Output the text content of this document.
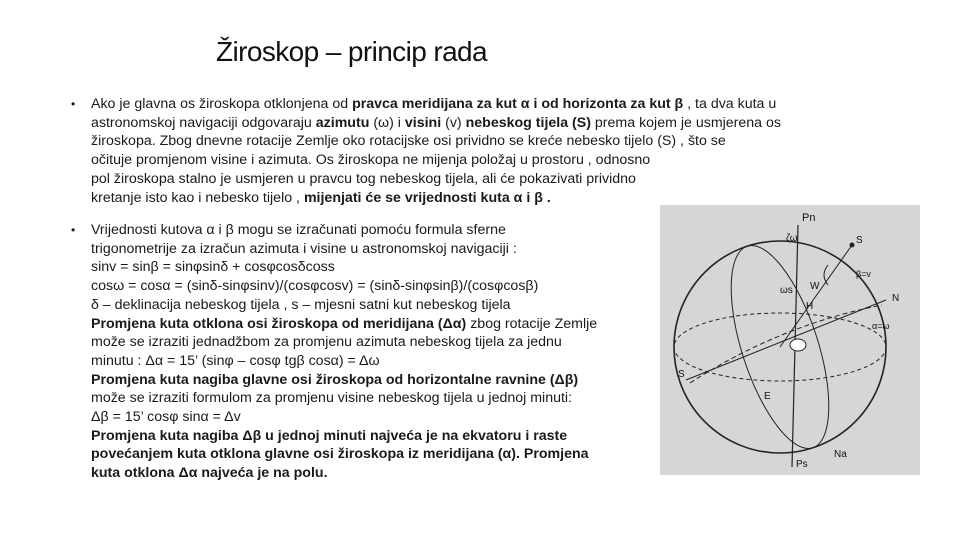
Žiroskop – princip rada
• Ako je glavna os žiroskopa otklonjena od pravca meridijana za kut α i od horizonta za kut β , ta dva kuta u
astronomskoj navigaciji odgovaraju azimutu (ω) i visini (v) nebeskog tijela (S) prema kojem je usmjerena os
žiroskopa. Zbog dnevne rotacije Zemlje oko rotacijske osi prividno se kreće nebesko tijelo (S) , što se
očituje promjenom visine i azimuta. Os žiroskopa ne mijenja položaj u prostoru , odnosno
pol žiroskopa stalno je usmjeren u pravcu tog nebeskog tijela, ali će pokazivati prividno
kretanje isto kao i nebesko tijelo , mijenjati će se vrijednosti kuta α i β .
• Vrijednosti kutova α i β mogu se izračunati pomoću formula sferne
trigonometrije za izračun azimuta i visine u astronomskoj navigaciji :
sinv = sinβ = sinφsinδ + cosφcosδcoss
cosω = cosα = (sinδ-sinφsinv)/(cosφcosv) = (sinδ-sinφsinβ)/(cosφcosβ)
δ – deklinacija nebeskog tijela , s – mjesni satni kut nebeskog tijela
Promjena kuta otklona osi žiroskopa od meridijana (Δα) zbog rotacije Zemlje
može se izraziti jednadžbom za promjenu azimuta nebeskog tijela za jednu
minutu : Δα = 15’ (sinφ – cosφ tgβ cosα) = Δω
Promjena kuta nagiba glavne osi žiroskopa od horizontalne ravnine (Δβ)
može se izraziti formulom za promjenu visine nebeskog tijela u jednoj minuti:
Δβ = 15’ cosφ sinα = Δv
Promjena kuta nagiba Δβ u jednoj minuti najveća je na ekvatoru i raste
povećanjem kuta otklona glavne osi žiroskopa iz meridijana (α). Promjena
kuta otklona Δα najveća je na polu.
Pn
ζω	S
β=v
ωs W
H
N
α=ω
S
E
Ps
Na
